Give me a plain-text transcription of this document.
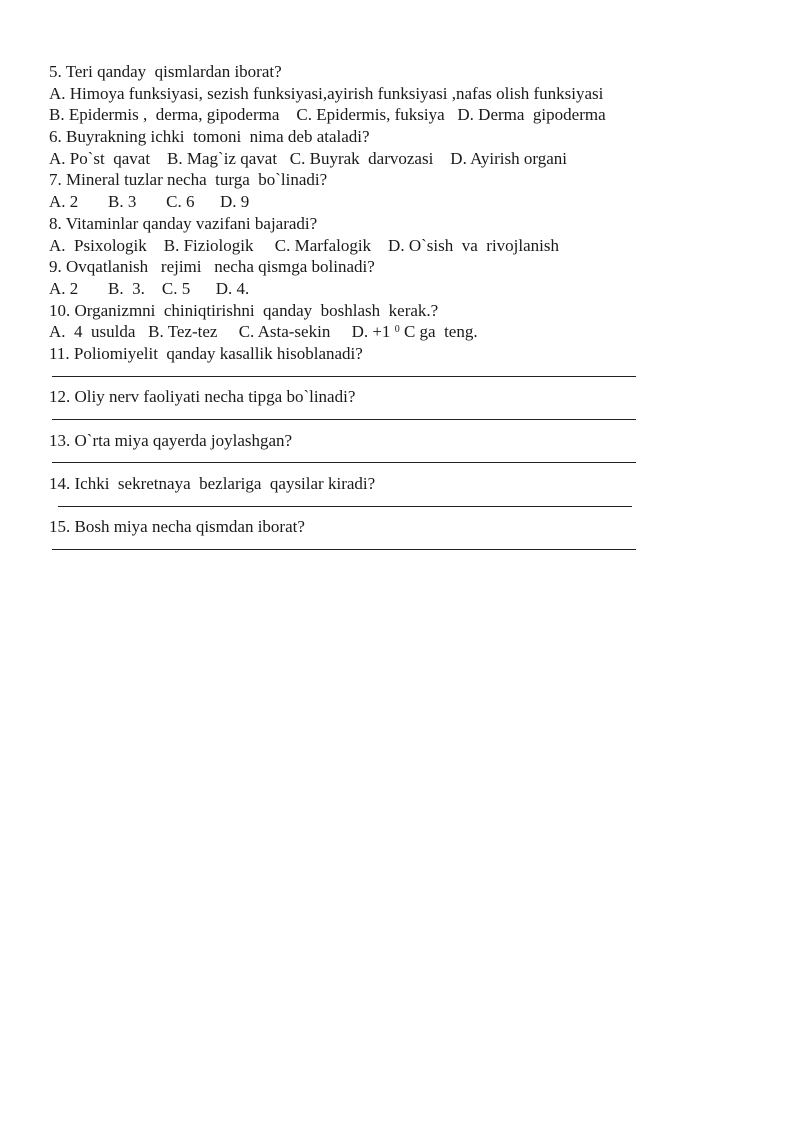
5. Teri qanday  qismlardan iborat?
A. Himoya funksiyasi, sezish funksiyasi,ayirish funksiyasi ,nafas olish funksiyasi
B. Epidermis ,  derma, gipoderma    C. Epidermis, fuksiya   D. Derma  gipoderma
6. Buyrakning ichki  tomoni  nima deb ataladi?
A. Po`st  qavat    B. Mag`iz qavat   C. Buyrak  darvozasi    D. Ayirish organi
7. Mineral tuzlar necha  turga  bo`linadi?
A. 2       B. 3       C. 6      D. 9
8. Vitaminlar qanday vazifani bajaradi?
A.  Psixologik    B. Fiziologik     C. Marfalogik    D. O`sish  va  rivojlanish
9. Ovqatlanish   rejimi   necha qismga bolinadi?
A. 2       B.  3.    C. 5      D. 4.
10. Organizmni  chiniqtirishni  qanday  boshlash  kerak.?
A.  4  usulda   B. Tez-tez     C. Asta-sekin     D. +1 $^0$ C ga  teng.
11. Poliomiyelit  qanday kasallik hisoblanadi?
12. Oliy nerv faoliyati necha tipga bo`linadi?
13. O`rta miya qayerda joylashgan?
14. Ichki  sekretnaya  bezlariga  qaysilar kiradi?
15. Bosh miya necha qismdan iborat?
